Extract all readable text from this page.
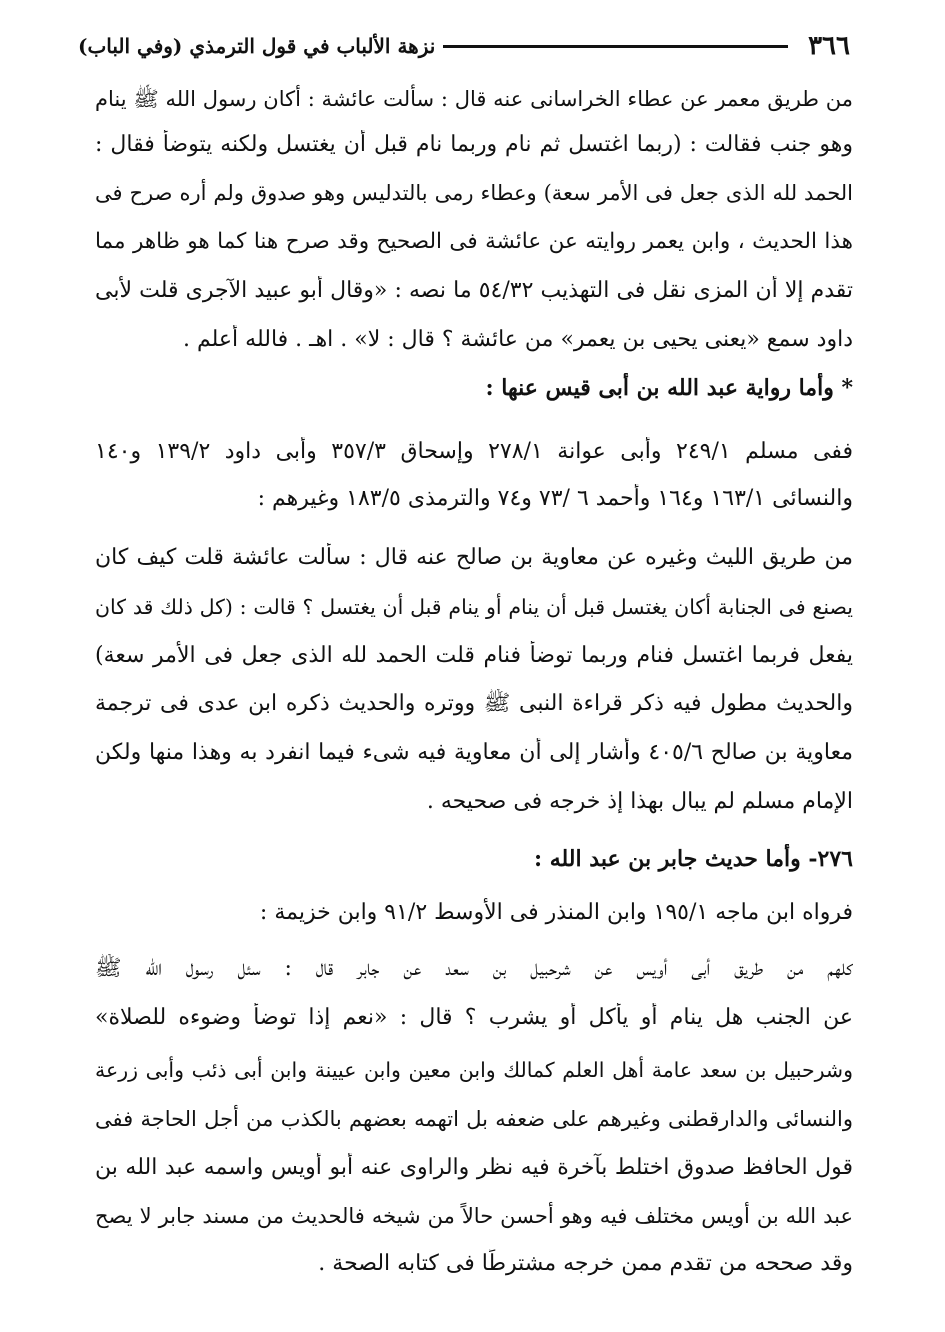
٣٦٦
نزهة الألباب في قول الترمذي (وفي الباب)
من طريق معمر عن عطاء الخراسانى عنه قال : سألت عائشة : أكان رسول الله ﷺ ينام
وهو جنب فقالت : (ربما اغتسل ثم نام وربما نام قبل أن يغتسل ولكنه يتوضأ فقال :
الحمد لله الذى جعل فى الأمر سعة) وعطاء رمى بالتدليس وهو صدوق ولم أره صرح فى
هذا الحديث ، وابن يعمر روايته عن عائشة فى الصحيح وقد صرح هنا كما هو ظاهر مما
تقدم إلا أن المزى نقل فى التهذيب ٥٤/٣٢ ما نصه : «وقال أبو عبيد الآجرى قلت لأبى
داود سمع «يعنى يحيى بن يعمر» من عائشة ؟ قال : لا» . اهـ . فالله أعلم .
* وأما رواية عبد الله بن أبى قيس عنها :
ففى مسلم ٢٤٩/١ وأبى عوانة ٢٧٨/١ وإسحاق ٣٥٧/٣ وأبى داود ١٣٩/٢ و١٤٠
والنسائى ١٦٣/١ و١٦٤ وأحمد ٦ /٧٣ و٧٤ والترمذى ١٨٣/٥ وغيرهم :
من طريق الليث وغيره عن معاوية بن صالح عنه قال : سألت عائشة قلت كيف كان
يصنع فى الجنابة أكان يغتسل قبل أن ينام أو ينام قبل أن يغتسل ؟ قالت : (كل ذلك قد كان
يفعل فربما اغتسل فنام وربما توضأ فنام قلت الحمد لله الذى جعل فى الأمر سعة)
والحديث مطول فيه ذكر قراءة النبى ﷺ ووتره والحديث ذكره ابن عدى فى ترجمة
معاوية بن صالح ٤٠٥/٦ وأشار إلى أن معاوية فيه شىء فيما انفرد به وهذا منها ولكن
الإمام مسلم لم يبال بهذا إذ خرجه فى صحيحه .
٢٧٦- وأما حديث جابر بن عبد الله :
فرواه ابن ماجه ١٩٥/١ وابن المنذر فى الأوسط ٩١/٢ وابن خزيمة :
كلهم من طريق أبى أويس عن شرحبيل بن سعد عن جابر قال : سئل رسول الله ﷺ
عن الجنب هل ينام أو يأكل أو يشرب ؟ قال : «نعم إذا توضأ وضوءه للصلاة»
وشرحبيل بن سعد عامة أهل العلم كمالك وابن معين وابن عيينة وابن أبى ذئب وأبى زرعة
والنسائى والدارقطنى وغيرهم على ضعفه بل اتهمه بعضهم بالكذب من أجل الحاجة ففى
قول الحافظ صدوق اختلط بآخرة فيه نظر والراوى عنه أبو أويس واسمه عبد الله بن
عبد الله بن أويس مختلف فيه وهو أحسن حالاً من شيخه فالحديث من مسند جابر لا يصح
وقد صححه من تقدم ممن خرجه مشترطًا فى كتابه الصحة .
